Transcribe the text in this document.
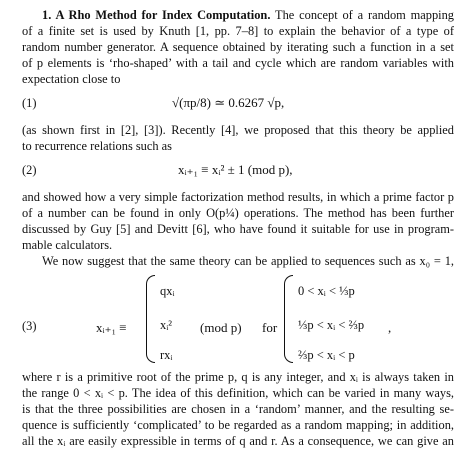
1. A Rho Method for Index Computation. The concept of a random mapping
of a finite set is used by Knuth [1, pp. 7–8] to explain the behavior of a type of
random number generator. A sequence obtained by iterating such a function in a set
of p elements is ‘rho-shaped’ with a tail and cycle which are random variables with
expectation close to
(1)	√(πp/8) ≃ 0.6267 √p,
(as shown first in [2], [3]). Recently [4], we proposed that this theory be applied
to recurrence relations such as
(2)	xᵢ₊₁ ≡ xᵢ² ± 1 (mod p),
and showed how a very simple factorization method results, in which a prime factor p
of a number can be found in only O(p¼) operations. The method has been further
discussed by Guy [5] and Devitt [6], who have found it suitable for use in program-
mable calculators.
We now suggest that the same theory can be applied to sequences such as x₀ = 1,
(3)	xᵢ₊₁ ≡
qxᵢ
xᵢ²
rxᵢ
(mod p) for
0 < xᵢ < ⅓p
⅓p < xᵢ < ⅔p
⅔p < xᵢ < p
,
where r is a primitive root of the prime p, q is any integer, and xᵢ is always taken in
the range 0 < xᵢ < p. The idea of this definition, which can be varied in many ways,
is that the three possibilities are chosen in a ‘random’ manner, and the resulting se-
quence is sufficiently ‘complicated’ to be regarded as a random mapping; in addition,
all the xᵢ are easily expressible in terms of q and r. As a consequence, we can give an
